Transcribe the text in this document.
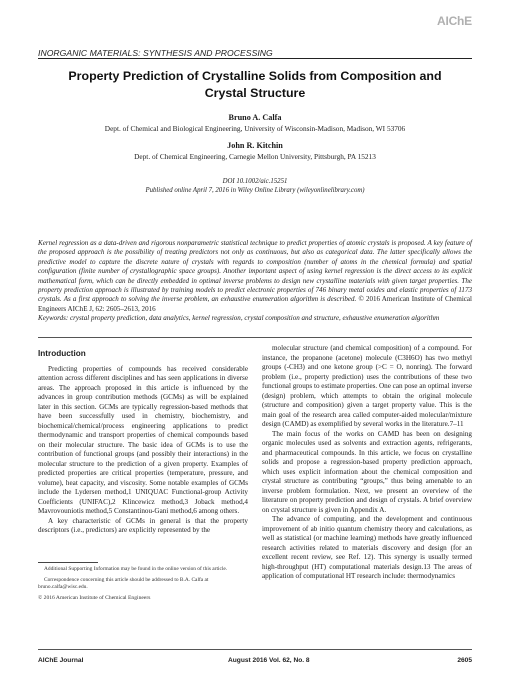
AIChE
INORGANIC MATERIALS: SYNTHESIS AND PROCESSING
Property Prediction of Crystalline Solids from Composition and
Crystal Structure
Bruno A. Calfa
Dept. of Chemical and Biological Engineering, University of Wisconsin-Madison, Madison, WI 53706
John R. Kitchin
Dept. of Chemical Engineering, Carnegie Mellon University, Pittsburgh, PA 15213
DOI 10.1002/aic.15251
Published online April 7, 2016 in Wiley Online Library (wileyonlinelibrary.com)
Kernel regression as a data-driven and rigorous nonparametric statistical technique to predict properties of atomic crystals is proposed. A key feature of the proposed approach is the possibility of treating predictors not only as continuous, but also as categorical data. The latter specifically allows the predictive model to capture the discrete nature of crystals with regards to composition (number of atoms in the chemical formula) and spatial configuration (finite number of crystallographic space groups). Another important aspect of using kernel regression is the direct access to its explicit mathematical form, which can be directly embedded in optimal inverse problems to design new crystalline materials with given target properties. The property prediction approach is illustrated by training models to predict electronic properties of 746 binary metal oxides and elastic properties of 1173 crystals. As a first approach to solving the inverse problem, an exhaustive enumeration algorithm is described. © 2016 American Institute of Chemical Engineers AIChE J, 62: 2605–2613, 2016
Keywords: crystal property prediction, data analytics, kernel regression, crystal composition and structure, exhaustive enumeration algorithm

Introduction

Predicting properties of compounds has received considerable attention across different disciplines and has seen applications in diverse areas. The approach proposed in this article is influenced by the advances in group contribution methods (GCMs) as will be explained later in this section. GCMs are typically regression-based methods that have been successfully used in chemistry, biochemistry, and biochemical/chemical/process engineering applications to predict thermodynamic and transport properties of chemical compounds based on their molecular structure. The basic idea of GCMs is to use the contribution of functional groups (and possibly their interactions) in the molecular structure to the prediction of a given property. Examples of predicted properties are critical properties (temperature, pressure, and volume), heat capacity, and viscosity. Some notable examples of GCMs include the Lydersen method,1 UNIQUAC Functional-group Activity Coefficients (UNIFAC),2 Klincewicz method,3 Joback method,4 Mavrovouniotis method,5 Constantinou-Gani method,6 among others.

A key characteristic of GCMs in general is that the property descriptors (i.e., predictors) are explicitly represented by the

Additional Supporting Information may be found in the online version of this article.

Correspondence concerning this article should be addressed to B.A. Calfa at bruno.calfa@wisc.edu.

© 2016 American Institute of Chemical Engineers

molecular structure (and chemical composition) of a compound. For instance, the propanone (acetone) molecule (C3H6O) has two methyl groups (-CH3) and one ketone group (>C = O, nonring). The forward problem (i.e., property prediction) uses the contributions of these two functional groups to estimate properties. One can pose an optimal inverse (design) problem, which attempts to obtain the original molecule (structure and composition) given a target property value. This is the main goal of the research area called computer-aided molecular/mixture design (CAMD) as exemplified by several works in the literature.7–11

The main focus of the works on CAMD has been on designing organic molecules used as solvents and extraction agents, refrigerants, and pharmaceutical compounds. In this article, we focus on crystalline solids and propose a regression-based property prediction approach, which uses explicit information about the chemical composition and crystal structure as contributing “groups,” thus being amenable to an inverse problem formulation. Next, we present an overview of the literature on property prediction and design of crystals. A brief overview on crystal structure is given in Appendix A.

The advance of computing, and the development and continuous improvement of ab initio quantum chemistry theory and calculations, as well as statistical (or machine learning) methods have greatly influenced research activities related to materials discovery and design (for an excellent recent review, see Ref. 12). This synergy is usually termed high-throughput (HT) computational materials design.13 The areas of application of computational HT research include: thermodynamics

AIChE Journal	August 2016 Vol. 62, No. 8	2605
